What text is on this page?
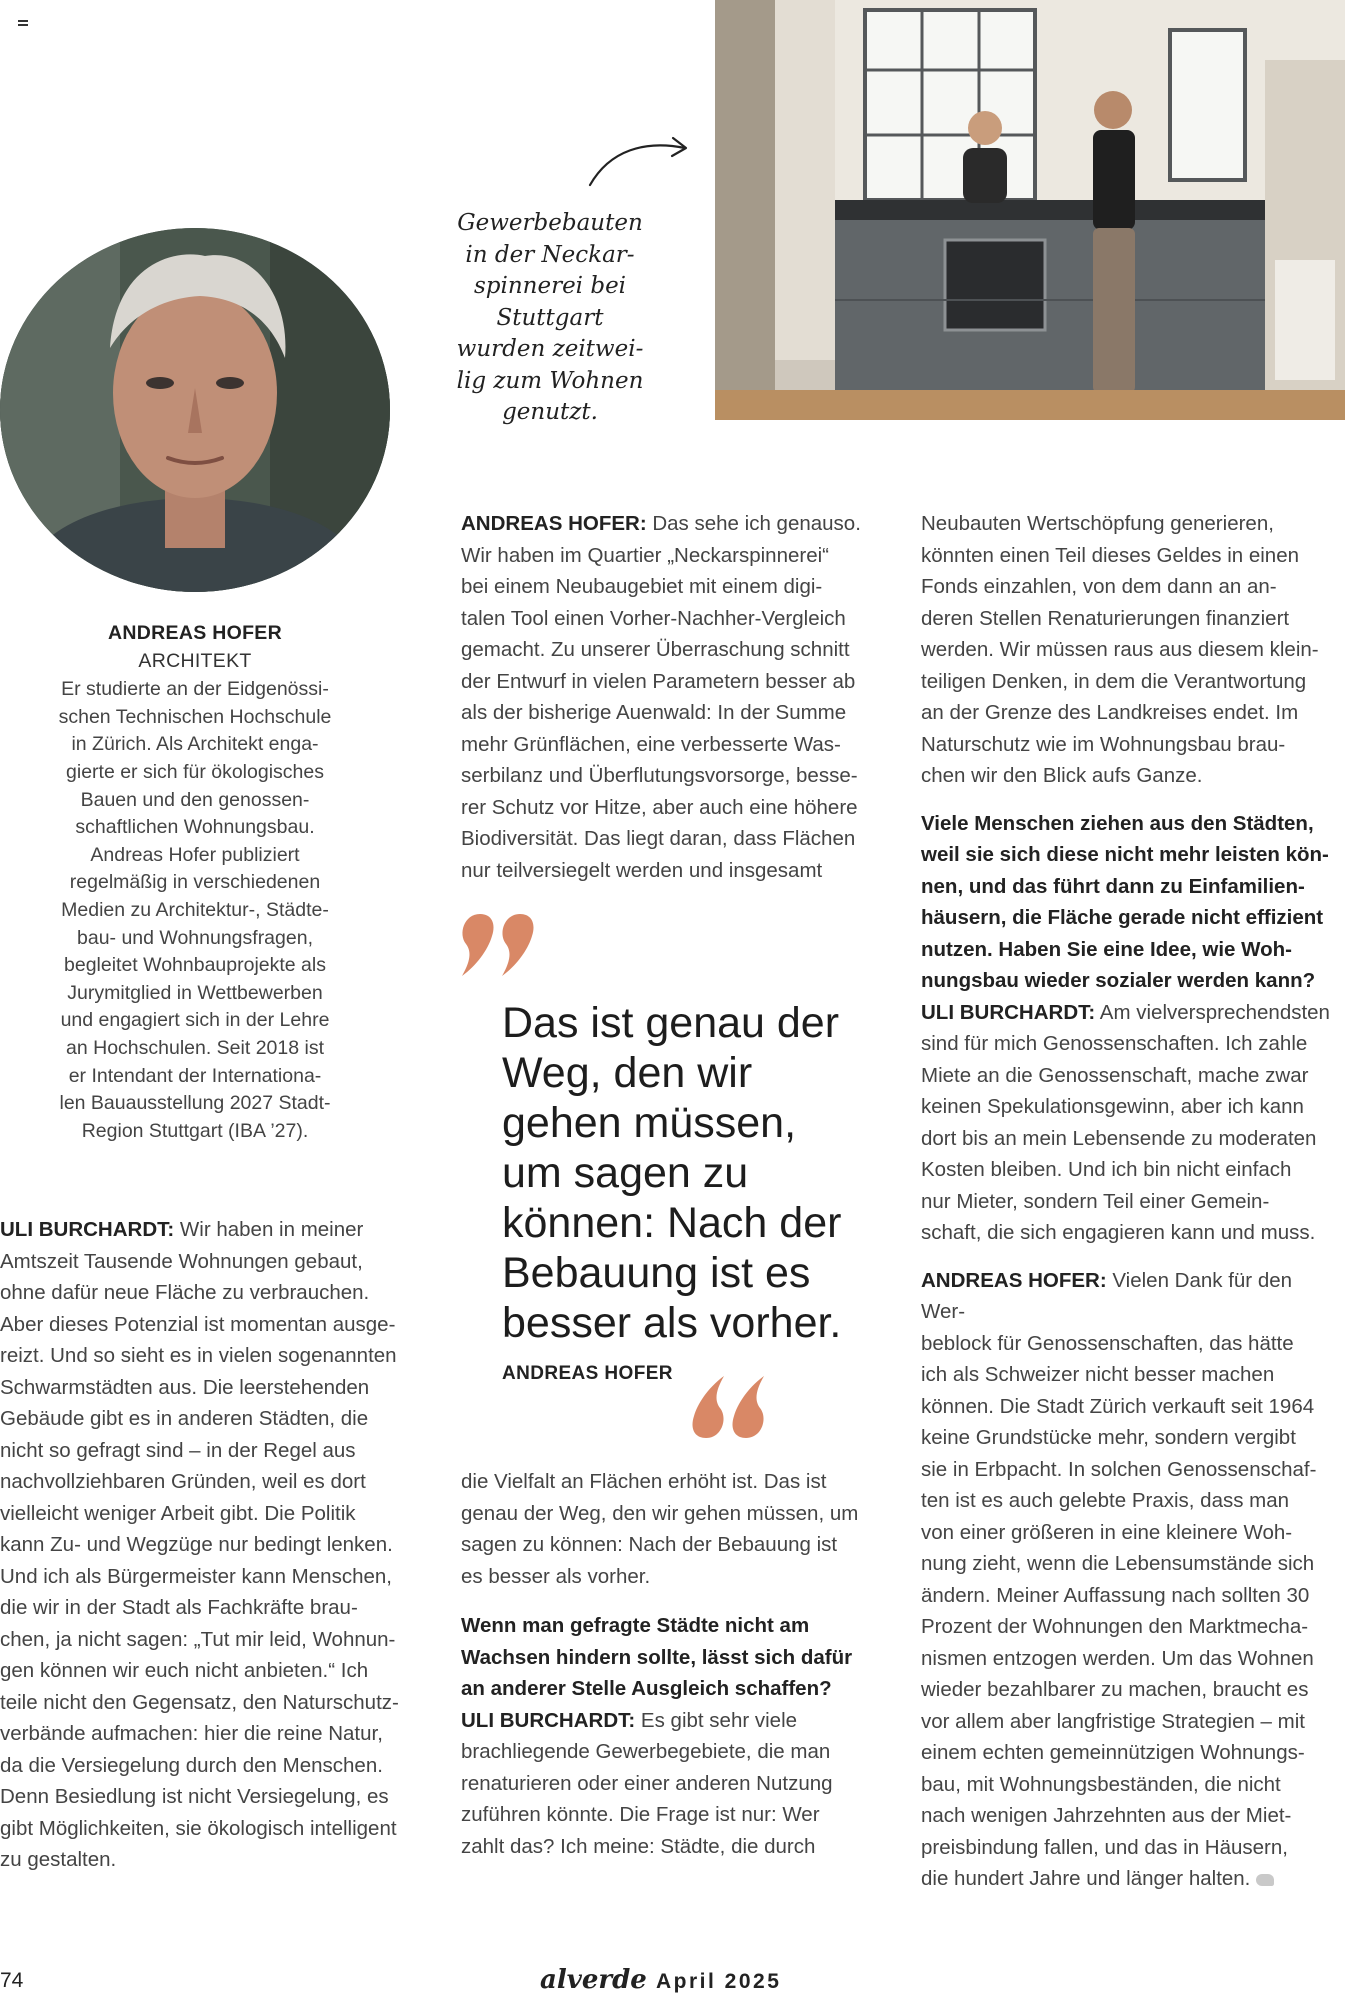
Gewerbebauten
in der Neckar-
spinnerei bei
Stuttgart
wurden zeitwei-
lig zum Wohnen
genutzt.
ANDREAS HOFER
ARCHITEKT
Er studierte an der Eidgenössi-
schen Technischen Hochschule
in Zürich. Als Architekt enga-
gierte er sich für ökologisches
Bauen und den genossen-
schaftlichen Wohnungsbau.
Andreas Hofer publiziert
regelmäßig in verschiedenen
Medien zu Architektur-, Städte-
bau- und Wohnungsfragen,
begleitet Wohnbauprojekte als
Jurymitglied in Wettbewerben
und engagiert sich in der Lehre
an Hochschulen. Seit 2018 ist
er Intendant der Internationa-
len Bauausstellung 2027 Stadt-
Region Stuttgart (IBA ’27).
ULI BURCHARDT: Wir haben in meiner
Amtszeit Tausende Wohnungen gebaut,
ohne dafür neue Fläche zu verbrauchen.
Aber dieses Potenzial ist momentan ausge-
reizt. Und so sieht es in vielen sogenannten
Schwarmstädten aus. Die leerstehenden
Gebäude gibt es in anderen Städten, die
nicht so gefragt sind – in der Regel aus
nachvollziehbaren Gründen, weil es dort
vielleicht weniger Arbeit gibt. Die Politik
kann Zu- und Wegzüge nur bedingt lenken.
Und ich als Bürgermeister kann Menschen,
die wir in der Stadt als Fachkräfte brau-
chen, ja nicht sagen: „Tut mir leid, Wohnun-
gen können wir euch nicht anbieten.“ Ich
teile nicht den Gegensatz, den Naturschutz-
verbände aufmachen: hier die reine Natur,
da die Versiegelung durch den Menschen.
Denn Besiedlung ist nicht Versiegelung, es
gibt Möglichkeiten, sie ökologisch intelligent
zu gestalten.
ANDREAS HOFER: Das sehe ich genauso.
Wir haben im Quartier „Neckarspinnerei“
bei einem Neubaugebiet mit einem digi-
talen Tool einen Vorher-Nachher-Vergleich
gemacht. Zu unserer Überraschung schnitt
der Entwurf in vielen Parametern besser ab
als der bisherige Auenwald: In der Summe
mehr Grünflächen, eine verbesserte Was-
serbilanz und Überflutungsvorsorge, besse-
rer Schutz vor Hitze, aber auch eine höhere
Biodiversität. Das liegt daran, dass Flächen
nur teilversiegelt werden und insgesamt
Das ist genau der
Weg, den wir
gehen müssen,
um sagen zu
können: Nach der
Bebauung ist es
besser als vorher.
ANDREAS HOFER
die Vielfalt an Flächen erhöht ist. Das ist
genau der Weg, den wir gehen müssen, um
sagen zu können: Nach der Bebauung ist
es besser als vorher.

Wenn man gefragte Städte nicht am
Wachsen hindern sollte, lässt sich dafür
an anderer Stelle Ausgleich schaffen?
ULI BURCHARDT: Es gibt sehr viele
brachliegende Gewerbegebiete, die man
renaturieren oder einer anderen Nutzung
zuführen könnte. Die Frage ist nur: Wer
zahlt das? Ich meine: Städte, die durch
Neubauten Wertschöpfung generieren,
könnten einen Teil dieses Geldes in einen
Fonds einzahlen, von dem dann an an-
deren Stellen Renaturierungen finanziert
werden. Wir müssen raus aus diesem klein-
teiligen Denken, in dem die Verantwortung
an der Grenze des Landkreises endet. Im
Naturschutz wie im Wohnungsbau brau-
chen wir den Blick aufs Ganze.

Viele Menschen ziehen aus den Städten,
weil sie sich diese nicht mehr leisten kön-
nen, und das führt dann zu Einfamilien-
häusern, die Fläche gerade nicht effizient
nutzen. Haben Sie eine Idee, wie Woh-
nungsbau wieder sozialer werden kann?
ULI BURCHARDT: Am vielversprechendsten
sind für mich Genossenschaften. Ich zahle
Miete an die Genossenschaft, mache zwar
keinen Spekulationsgewinn, aber ich kann
dort bis an mein Lebensende zu moderaten
Kosten bleiben. Und ich bin nicht einfach
nur Mieter, sondern Teil einer Gemein-
schaft, die sich engagieren kann und muss.

ANDREAS HOFER: Vielen Dank für den Wer-
beblock für Genossenschaften, das hätte
ich als Schweizer nicht besser machen
können. Die Stadt Zürich verkauft seit 1964
keine Grundstücke mehr, sondern vergibt
sie in Erbpacht. In solchen Genossenschaf-
ten ist es auch gelebte Praxis, dass man
von einer größeren in eine kleinere Woh-
nung zieht, wenn die Lebensumstände sich
ändern. Meiner Auffassung nach sollten 30
Prozent der Wohnungen den Marktmecha-
nismen entzogen werden. Um das Wohnen
wieder bezahlbarer zu machen, braucht es
vor allem aber langfristige Strategien – mit
einem echten gemeinnützigen Wohnungs-
bau, mit Wohnungsbeständen, die nicht
nach wenigen Jahrzehnten aus der Miet-
preisbindung fallen, und das in Häusern,
die hundert Jahre und länger halten.
74	alverde April 2025
